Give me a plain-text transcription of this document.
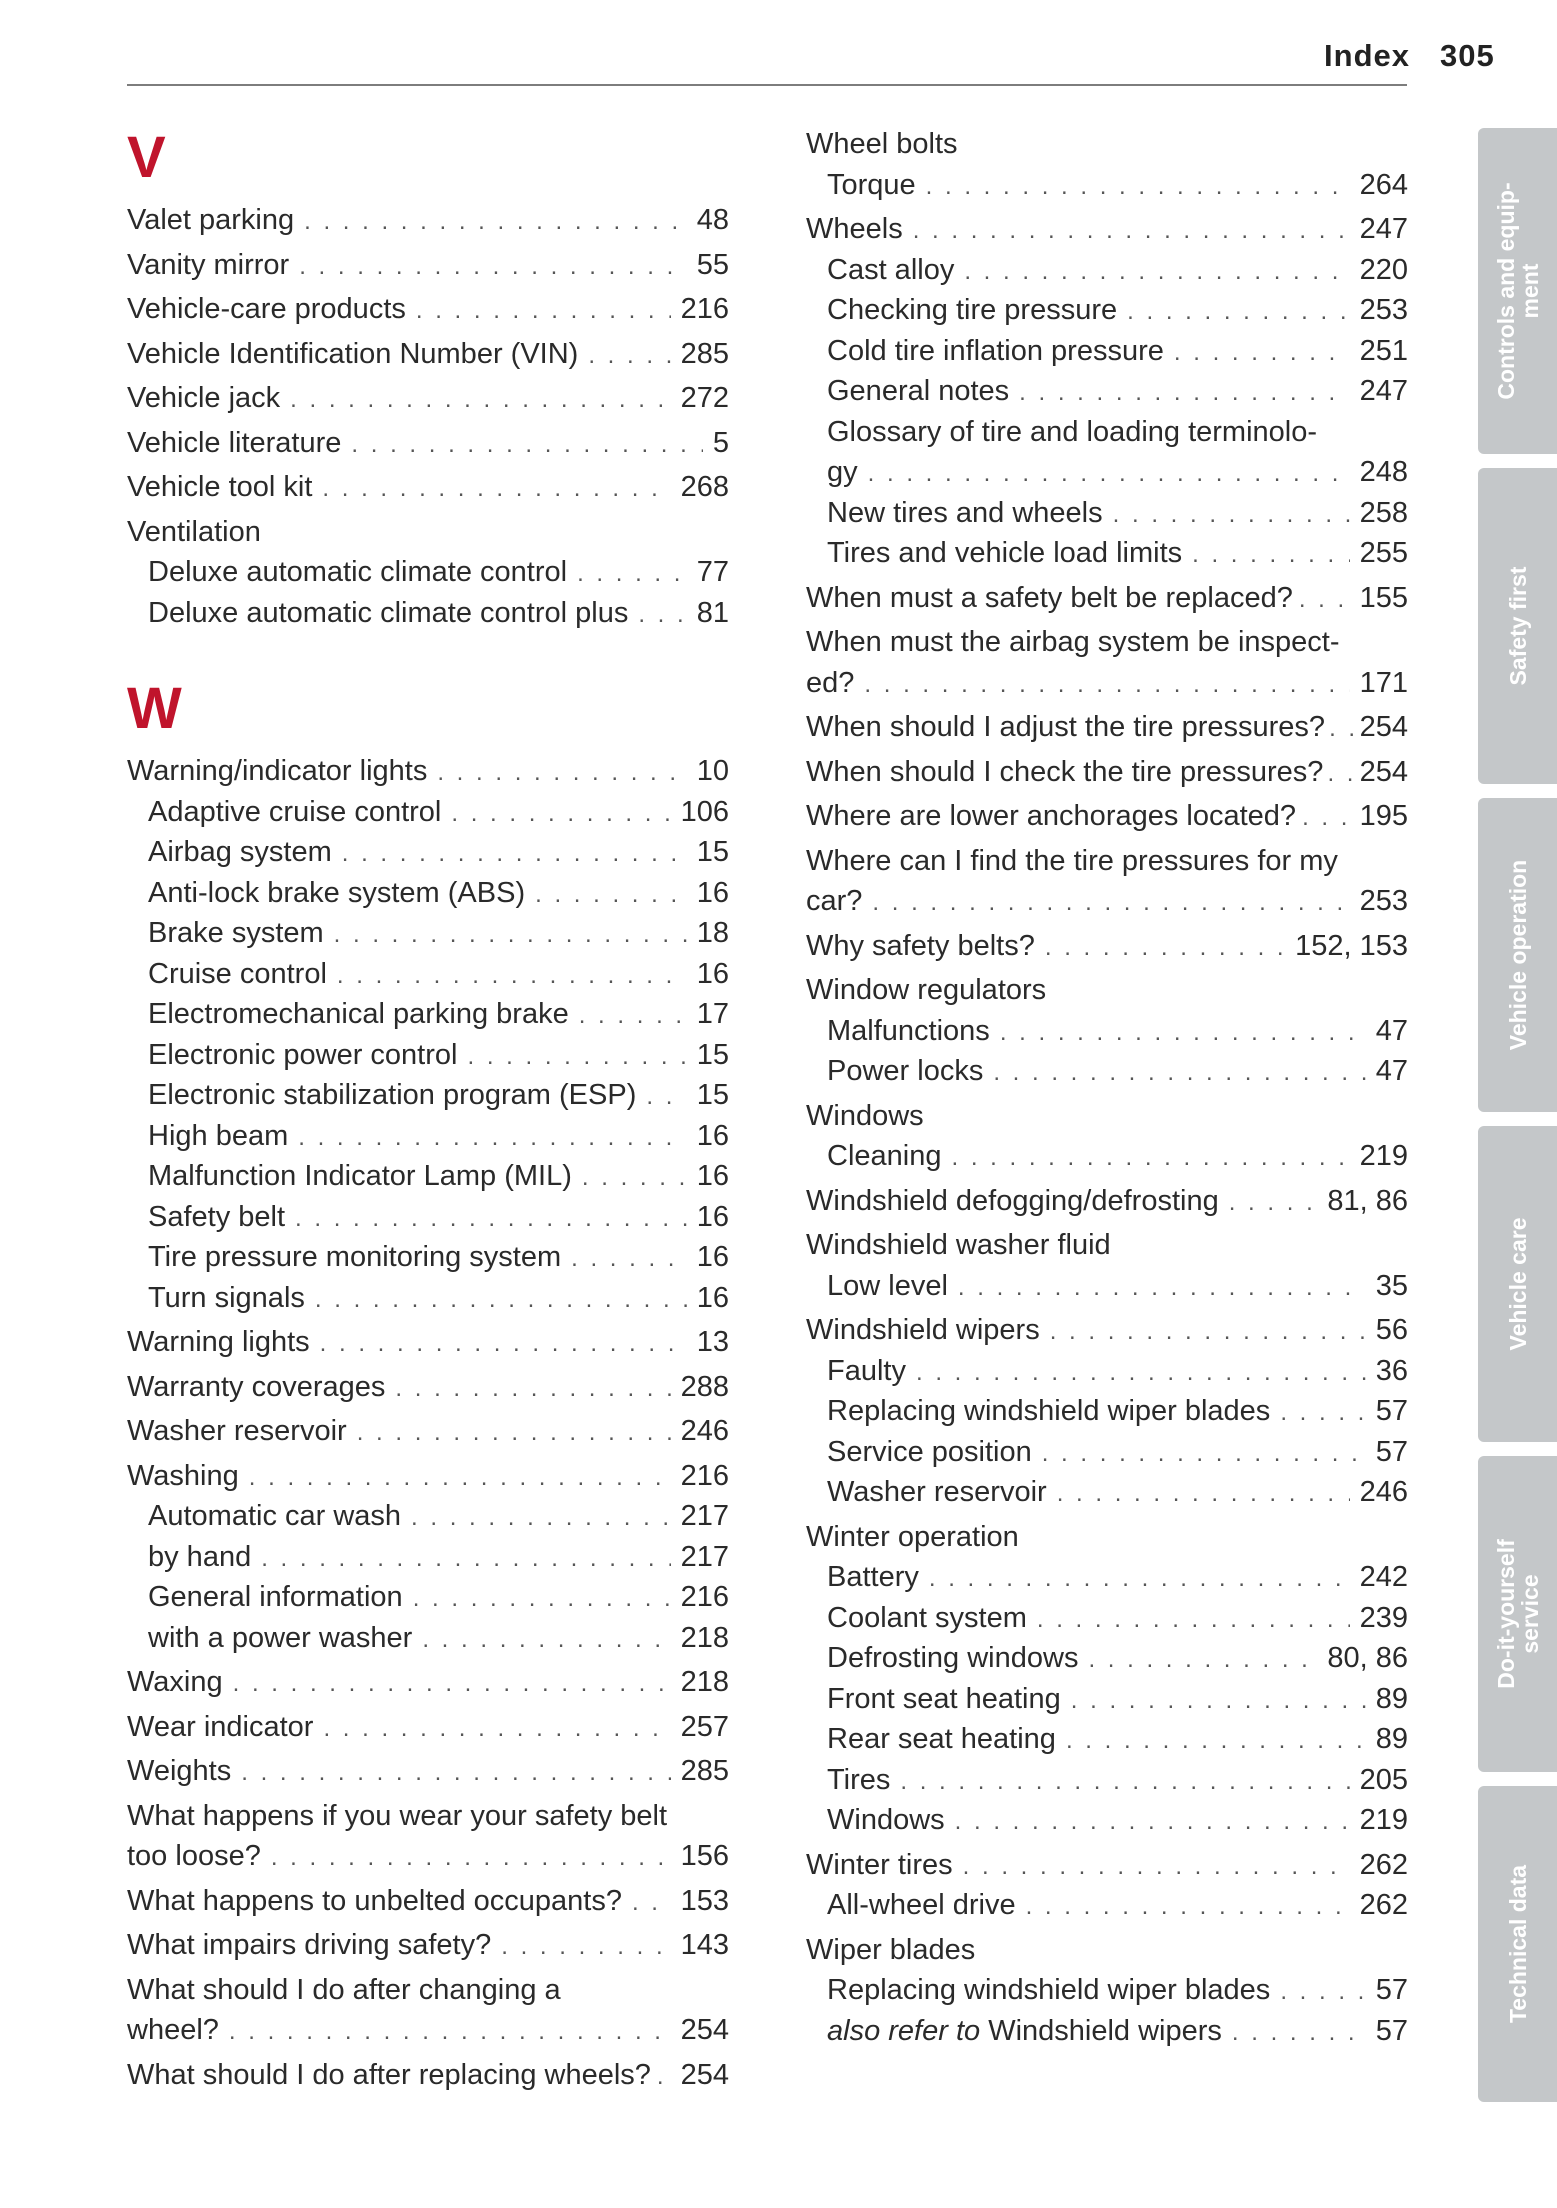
Index 305
V
Valet parking . . .	48
Vanity mirror . . .	55
Vehicle-care products . . .	216
Vehicle Identification Number (VIN) . . .	285
Vehicle jack . . .	272
Vehicle literature . . .	5
Vehicle tool kit . . .	268
Ventilation
Deluxe automatic climate control . . .	77
Deluxe automatic climate control plus . . . 81
W
Warning/indicator lights . . .	10
Adaptive cruise control . . .	106
Airbag system . . .	15
Anti-lock brake system (ABS) . . .	16
Brake system . . .	18
Cruise control . . .	16
Electromechanical parking brake . . .	17
Electronic power control . . .	15
Electronic stabilization program (ESP) . . . 15
High beam . . .	16
Malfunction Indicator Lamp (MIL) . . .	16
Safety belt . . .	16
Tire pressure monitoring system . . .	16
Turn signals . . .	16
Warning lights . . .	13
Warranty coverages . . .	288
Washer reservoir . . .	246
Washing . . .	216
Automatic car wash . . .	217
by hand . . .	217
General information . . .	216
with a power washer . . .	218
Waxing . . .	218
Wear indicator . . .	257
Weights . . .	285
What happens if you wear your safety belt
too loose? . . .	156
What happens to unbelted occupants? . . . 153
What impairs driving safety? . . .	143
What should I do after changing a
wheel? . . .	254
What should I do after replacing wheels? . . . 254
Wheel bolts
Torque . . .	264
Wheels . . .	247
Cast alloy . . .	220
Checking tire pressure . . .	253
Cold tire inflation pressure . . .	251
General notes . . .	247
Glossary of tire and loading terminolo-
gy . . .	248
New tires and wheels . . .	258
Tires and vehicle load limits . . .	255
When must a safety belt be replaced? . . . 155
When must the airbag system be inspect-
ed? . . .	171
When should I adjust the tire pressures? . . . 254
When should I check the tire pressures? . . . 254
Where are lower anchorages located? . . . 195
Where can I find the tire pressures for my
car? . . .	253
Why safety belts? . . .	152, 153
Window regulators
Malfunctions . . .	47
Power locks . . .	47
Windows
Cleaning . . .	219
Windshield defogging/defrosting . . .	81, 86
Windshield washer fluid
Low level . . .	35
Windshield wipers . . .	56
Faulty . . .	36
Replacing windshield wiper blades . . .	57
Service position . . .	57
Washer reservoir . . .	246
Winter operation
Battery . . .	242
Coolant system . . .	239
Defrosting windows . . .	80, 86
Front seat heating . . .	89
Rear seat heating . . .	89
Tires . . .	205
Windows . . .	219
Winter tires . . .	262
All-wheel drive . . .	262
Wiper blades
Replacing windshield wiper blades . . .	57
also refer to Windshield wipers . . .	57
Controls and equip-ment
Safety first
Vehicle operation
Vehicle care
Do-it-yourself service
Technical data
